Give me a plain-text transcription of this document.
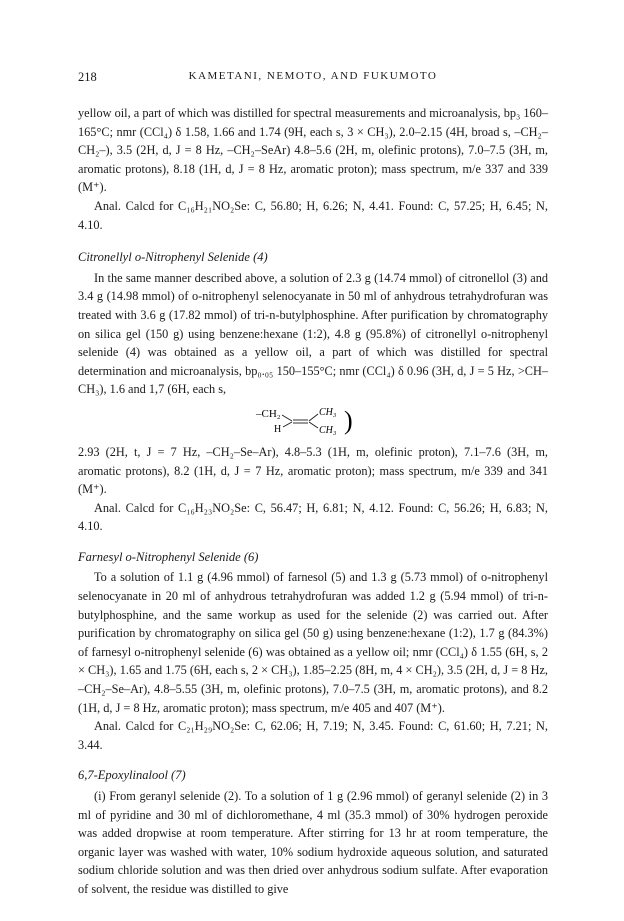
218	KAMETANI, NEMOTO, AND FUKUMOTO

yellow oil, a part of which was distilled for spectral measurements and microanalysis, bp₃ 160–165°C; nmr (CCl₄) δ 1.58, 1.66 and 1.74 (9H, each s, 3 × CH₃), 2.0–2.15 (4H, broad s, –CH₂–CH₂–), 3.5 (2H, d, J = 8 Hz, –CH₂–SeAr) 4.8–5.6 (2H, m, olefinic protons), 7.0–7.5 (3H, m, aromatic protons), 8.18 (1H, d, J = 8 Hz, aromatic proton); mass spectrum, m/e 337 and 339 (M⁺).

Anal. Calcd for C₁₆H₂₁NO₂Se: C, 56.80; H, 6.26; N, 4.41. Found: C, 57.25; H, 6.45; N, 4.10.

Citronellyl o-Nitrophenyl Selenide (4)

In the same manner described above, a solution of 2.3 g (14.74 mmol) of citronellol (3) and 3.4 g (14.98 mmol) of o-nitrophenyl selenocyanate in 50 ml of anhydrous tetrahydrofuran was treated with 3.6 g (17.82 mmol) of tri-n-butylphosphine. After purification by chromatography on silica gel (150 g) using benzene:hexane (1:2), 4.8 g (95.8%) of citronellyl o-nitrophenyl selenide (4) was obtained as a yellow oil, a part of which was distilled for spectral determination and microanalysis, bp₀.₀₅ 150–155°C; nmr (CCl₄) δ 0.96 (3H, d, J = 5 Hz, >CH–CH₃), 1.6 and 1,7 (6H, each s,

–CH₂
H
CH₃
CH₃ )

2.93 (2H, t, J = 7 Hz, –CH₂–Se–Ar), 4.8–5.3 (1H, m, olefinic proton), 7.1–7.6 (3H, m, aromatic protons), 8.2 (1H, d, J = 7 Hz, aromatic proton); mass spectrum, m/e 339 and 341 (M⁺).

Anal. Calcd for C₁₆H₂₃NO₂Se: C, 56.47; H, 6.81; N, 4.12. Found: C, 56.26; H, 6.83; N, 4.10.

Farnesyl o-Nitrophenyl Selenide (6)

To a solution of 1.1 g (4.96 mmol) of farnesol (5) and 1.3 g (5.73 mmol) of o-nitrophenyl selenocyanate in 20 ml of anhydrous tetrahydrofuran was added 1.2 g (5.94 mmol) of tri-n-butylphosphine, and the same workup as used for the selenide (2) was carried out. After purification by chromatography on silica gel (50 g) using benzene:hexane (1:2), 1.7 g (84.3%) of farnesyl o-nitrophenyl selenide (6) was obtained as a yellow oil; nmr (CCl₄) δ 1.55 (6H, s, 2 × CH₃), 1.65 and 1.75 (6H, each s, 2 × CH₃), 1.85–2.25 (8H, m, 4 × CH₂), 3.5 (2H, d, J = 8 Hz, –CH₂–Se–Ar), 4.8–5.55 (3H, m, olefinic protons), 7.0–7.5 (3H, m, aromatic protons), and 8.2 (1H, d, J = 8 Hz, aromatic proton); mass spectrum, m/e 405 and 407 (M⁺).

Anal. Calcd for C₂₁H₂₉NO₂Se: C, 62.06; H, 7.19; N, 3.45. Found: C, 61.60; H, 7.21; N, 3.44.

6,7-Epoxylinalool (7)

(i) From geranyl selenide (2). To a solution of 1 g (2.96 mmol) of geranyl selenide (2) in 3 ml of pyridine and 30 ml of dichloromethane, 4 ml (35.3 mmol) of 30% hydrogen peroxide was added dropwise at room temperature. After stirring for 13 hr at room temperature, the organic layer was washed with water, 10% sodium hydroxide aqueous solution, and saturated sodium chloride solution and was then dried over anhydrous sodium sulfate. After evaporation of solvent, the residue was distilled to give
